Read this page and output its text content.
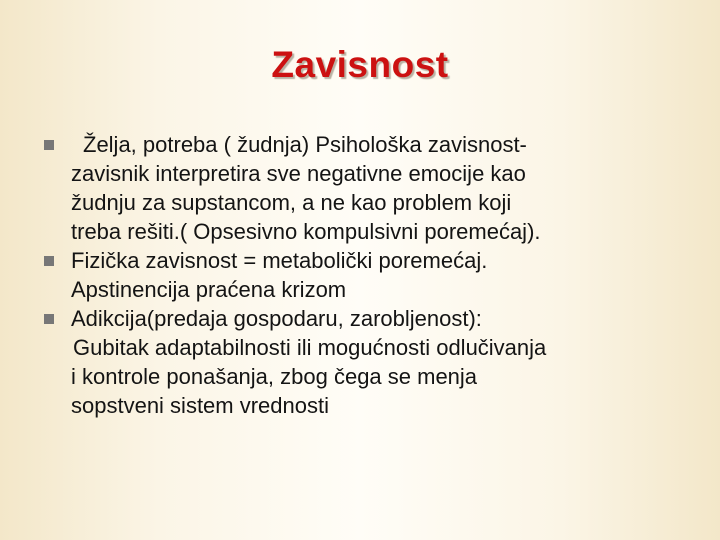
Zavisnost
Želja, potreba ( žudnja) Psihološka zavisnost-
zavisnik interpretira sve negativne emocije kao
žudnju za supstancom, a ne kao problem koji
treba rešiti.( Opsesivno kompulsivni poremećaj).
Fizička zavisnost = metabolički poremećaj.
Apstinencija praćena krizom
Adikcija(predaja gospodaru, zarobljenost):
Gubitak adaptabilnosti ili mogućnosti odlučivanja
i kontrole ponašanja, zbog čega se menja
sopstveni sistem vrednosti
